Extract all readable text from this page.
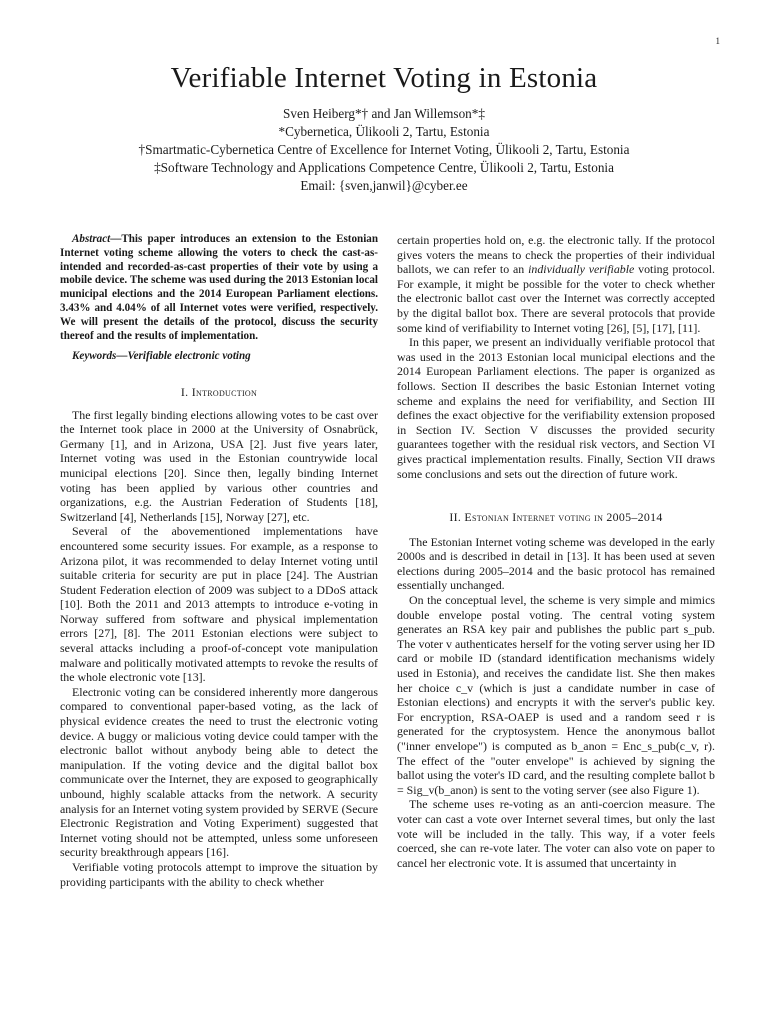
1
Verifiable Internet Voting in Estonia
Sven Heiberg*† and Jan Willemson*‡
*Cybernetica, Ülikooli 2, Tartu, Estonia
†Smartmatic-Cybernetica Centre of Excellence for Internet Voting, Ülikooli 2, Tartu, Estonia
‡Software Technology and Applications Competence Centre, Ülikooli 2, Tartu, Estonia
Email: {sven,janwil}@cyber.ee

Abstract—This paper introduces an extension to the Estonian Internet voting scheme allowing the voters to check the cast-as-intended and recorded-as-cast properties of their vote by using a mobile device. The scheme was used during the 2013 Estonian local municipal elections and the 2014 European Parliament elections. 3.43% and 4.04% of all Internet votes were verified, respectively. We will present the details of the protocol, discuss the security thereof and the results of implementation.

Keywords—Verifiable electronic voting

I. Introduction

The first legally binding elections allowing votes to be cast over the Internet took place in 2000 at the University of Osnabrück, Germany [1], and in Arizona, USA [2]. Just five years later, Internet voting was used in the Estonian countrywide local municipal elections [20]. Since then, legally binding Internet voting has been applied by various other countries and organizations, e.g. the Austrian Federation of Students [18], Switzerland [4], Netherlands [15], Norway [27], etc.

Several of the abovementioned implementations have encountered some security issues. For example, as a response to Arizona pilot, it was recommended to delay Internet voting until suitable criteria for security are put in place [24]. The Austrian Student Federation election of 2009 was subject to a DDoS attack [10]. Both the 2011 and 2013 attempts to introduce e-voting in Norway suffered from software and physical implementation errors [27], [8]. The 2011 Estonian elections were subject to several attacks including a proof-of-concept vote manipulation malware and politically motivated attempts to revoke the results of the whole electronic vote [13].

Electronic voting can be considered inherently more dangerous compared to conventional paper-based voting, as the lack of physical evidence creates the need to trust the electronic voting device. A buggy or malicious voting device could tamper with the electronic ballot without anybody being able to detect the manipulation. If the voting device and the digital ballot box communicate over the Internet, they are exposed to geographically unbound, highly scalable attacks from the network. A security analysis for an Internet voting system provided by SERVE (Secure Electronic Registration and Voting Experiment) suggested that Internet voting should not be attempted, unless some unforeseen security breakthrough appears [16].

Verifiable voting protocols attempt to improve the situation by providing participants with the ability to check whether

certain properties hold on, e.g. the electronic tally. If the protocol gives voters the means to check the properties of their individual ballots, we can refer to an individually verifiable voting protocol. For example, it might be possible for the voter to check whether the electronic ballot cast over the Internet was correctly accepted by the digital ballot box. There are several protocols that provide some kind of verifiability to Internet voting [26], [5], [17], [11].

In this paper, we present an individually verifiable protocol that was used in the 2013 Estonian local municipal elections and the 2014 European Parliament elections. The paper is organized as follows. Section II describes the basic Estonian Internet voting scheme and explains the need for verifiability, and Section III defines the exact objective for the verifiability extension proposed in Section IV. Section V discusses the provided security guarantees together with the residual risk vectors, and Section VI gives practical implementation results. Finally, Section VII draws some conclusions and sets out the direction of future work.

II. Estonian Internet voting in 2005–2014

The Estonian Internet voting scheme was developed in the early 2000s and is described in detail in [13]. It has been used at seven elections during 2005–2014 and the basic protocol has remained essentially unchanged.

On the conceptual level, the scheme is very simple and mimics double envelope postal voting. The central voting system generates an RSA key pair and publishes the public part s_pub. The voter v authenticates herself for the voting server using her ID card or mobile ID (standard identification mechanisms widely used in Estonia), and receives the candidate list. She then makes her choice c_v (which is just a candidate number in case of Estonian elections) and encrypts it with the server's public key. For encryption, RSA-OAEP is used and a random seed r is generated for the cryptosystem. Hence the anonymous ballot ("inner envelope") is computed as b_anon = Enc_s_pub(c_v, r). The effect of the "outer envelope" is achieved by signing the ballot using the voter's ID card, and the resulting complete ballot b = Sig_v(b_anon) is sent to the voting server (see also Figure 1).

The scheme uses re-voting as an anti-coercion measure. The voter can cast a vote over Internet several times, but only the last vote will be included in the tally. This way, if a voter feels coerced, she can re-vote later. The voter can also vote on paper to cancel her electronic vote. It is assumed that uncertainty in
